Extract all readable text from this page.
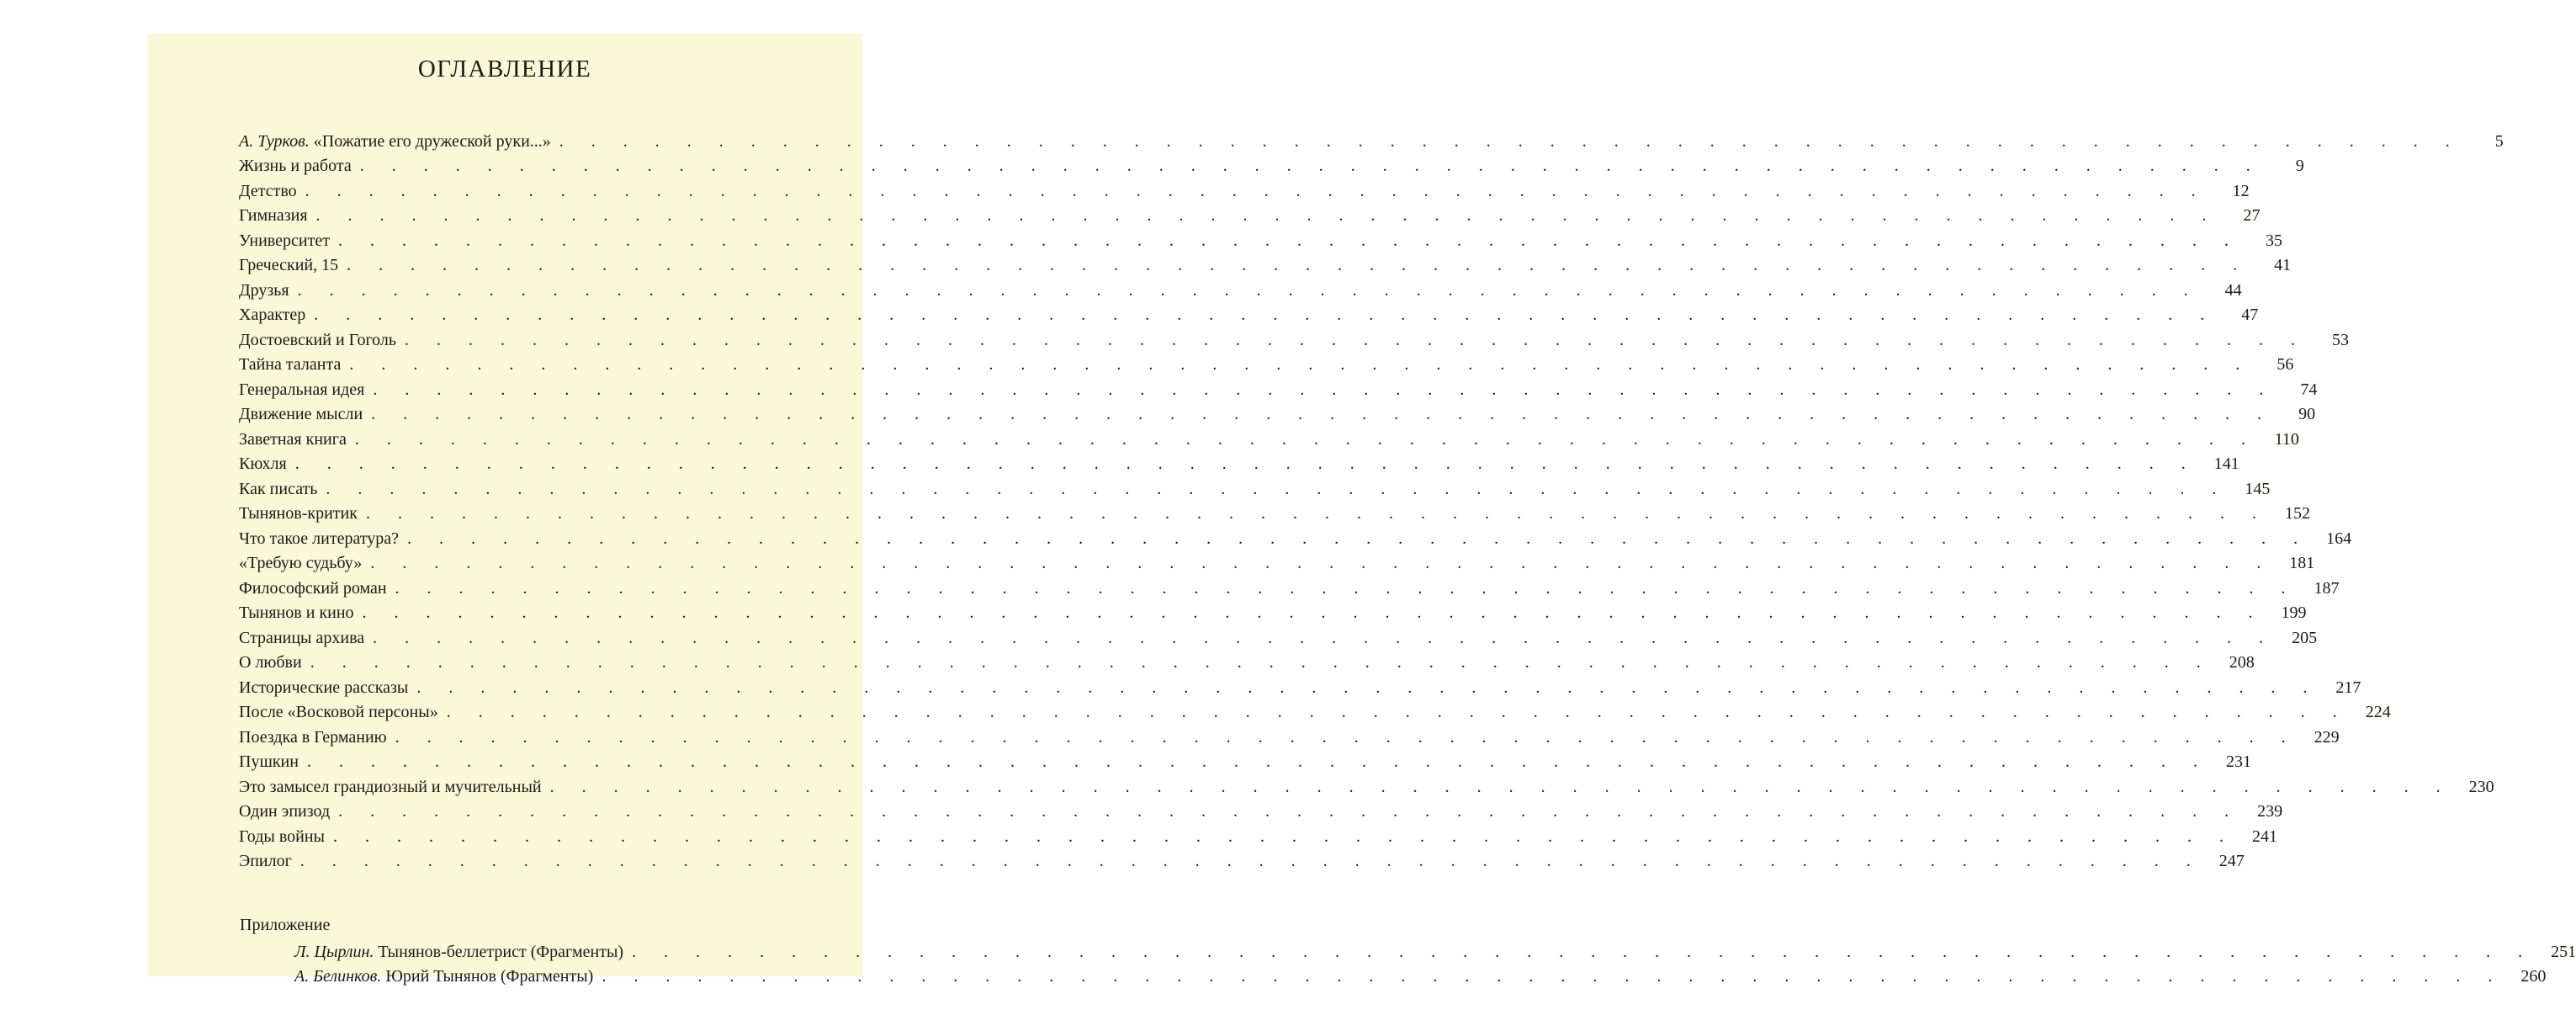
ОГЛАВЛЕНИЕ
А. Турков. «Пожатие его дружеской руки...» . . . . . . . . . . . . . . . . . . . . . . . . . . . . . . . . . . . . . . . . . . . . . . . . . . . . . . . . . . . .	5
Жизнь и работа . . . . . . . . . . . . . . . . . . . . . . . . . . . . . . . . . . . . . . . . . . . . . . . . . . . . . . . . . . . .	9
Детство . . . . . . . . . . . . . . . . . . . . . . . . . . . . . . . . . . . . . . . . . . . . . . . . . . . . . . . . . . . .	12
Гимназия . . . . . . . . . . . . . . . . . . . . . . . . . . . . . . . . . . . . . . . . . . . . . . . . . . . . . . . . . . . .	27
Университет . . . . . . . . . . . . . . . . . . . . . . . . . . . . . . . . . . . . . . . . . . . . . . . . . . . . . . . . . . . .	35
Греческий, 15 . . . . . . . . . . . . . . . . . . . . . . . . . . . . . . . . . . . . . . . . . . . . . . . . . . . . . . . . . . . .	41
Друзья . . . . . . . . . . . . . . . . . . . . . . . . . . . . . . . . . . . . . . . . . . . . . . . . . . . . . . . . . . . .	44
Характер . . . . . . . . . . . . . . . . . . . . . . . . . . . . . . . . . . . . . . . . . . . . . . . . . . . . . . . . . . . .	47
Достоевский и Гоголь . . . . . . . . . . . . . . . . . . . . . . . . . . . . . . . . . . . . . . . . . . . . . . . . . . . . . . . . . . . .	53
Тайна таланта . . . . . . . . . . . . . . . . . . . . . . . . . . . . . . . . . . . . . . . . . . . . . . . . . . . . . . . . . . . .	56
Генеральная идея . . . . . . . . . . . . . . . . . . . . . . . . . . . . . . . . . . . . . . . . . . . . . . . . . . . . . . . . . . . .	74
Движение мысли . . . . . . . . . . . . . . . . . . . . . . . . . . . . . . . . . . . . . . . . . . . . . . . . . . . . . . . . . . . .	90
Заветная книга . . . . . . . . . . . . . . . . . . . . . . . . . . . . . . . . . . . . . . . . . . . . . . . . . . . . . . . . . . . .	110
Кюхля . . . . . . . . . . . . . . . . . . . . . . . . . . . . . . . . . . . . . . . . . . . . . . . . . . . . . . . . . . . .	141
Как писать . . . . . . . . . . . . . . . . . . . . . . . . . . . . . . . . . . . . . . . . . . . . . . . . . . . . . . . . . . . .	145
Тынянов-критик . . . . . . . . . . . . . . . . . . . . . . . . . . . . . . . . . . . . . . . . . . . . . . . . . . . . . . . . . . . .	152
Что такое литература? . . . . . . . . . . . . . . . . . . . . . . . . . . . . . . . . . . . . . . . . . . . . . . . . . . . . . . . . . . . .	164
«Требую судьбу» . . . . . . . . . . . . . . . . . . . . . . . . . . . . . . . . . . . . . . . . . . . . . . . . . . . . . . . . . . . .	181
Философский роман . . . . . . . . . . . . . . . . . . . . . . . . . . . . . . . . . . . . . . . . . . . . . . . . . . . . . . . . . . . .	187
Тынянов и кино . . . . . . . . . . . . . . . . . . . . . . . . . . . . . . . . . . . . . . . . . . . . . . . . . . . . . . . . . . . .	199
Страницы архива . . . . . . . . . . . . . . . . . . . . . . . . . . . . . . . . . . . . . . . . . . . . . . . . . . . . . . . . . . . .	205
О любви . . . . . . . . . . . . . . . . . . . . . . . . . . . . . . . . . . . . . . . . . . . . . . . . . . . . . . . . . . . .	208
Исторические рассказы . . . . . . . . . . . . . . . . . . . . . . . . . . . . . . . . . . . . . . . . . . . . . . . . . . . . . . . . . . . .	217
После «Восковой персоны» . . . . . . . . . . . . . . . . . . . . . . . . . . . . . . . . . . . . . . . . . . . . . . . . . . . . . . . . . . . .	224
Поездка в Германию . . . . . . . . . . . . . . . . . . . . . . . . . . . . . . . . . . . . . . . . . . . . . . . . . . . . . . . . . . . .	229
Пушкин . . . . . . . . . . . . . . . . . . . . . . . . . . . . . . . . . . . . . . . . . . . . . . . . . . . . . . . . . . . .	231
Это замысел грандиозный и мучительный . . . . . . . . . . . . . . . . . . . . . . . . . . . . . . . . . . . . . . . . . . . . . . . . . . . . . . . . . . . .	230
Один эпизод . . . . . . . . . . . . . . . . . . . . . . . . . . . . . . . . . . . . . . . . . . . . . . . . . . . . . . . . . . . .	239
Годы войны . . . . . . . . . . . . . . . . . . . . . . . . . . . . . . . . . . . . . . . . . . . . . . . . . . . . . . . . . . . .	241
Эпилог . . . . . . . . . . . . . . . . . . . . . . . . . . . . . . . . . . . . . . . . . . . . . . . . . . . . . . . . . . . .	247
Приложение
Л. Цырлин. Тынянов-беллетрист (Фрагменты) . . . . . . . . . . . . . . . . . . . . . . . . . . . . . . . . . . . . . . . . . . . . . . . . . . . . . . . . . . . .	251
А. Белинков. Юрий Тынянов (Фрагменты) . . . . . . . . . . . . . . . . . . . . . . . . . . . . . . . . . . . . . . . . . . . . . . . . . . . . . . . . . . . .	260
